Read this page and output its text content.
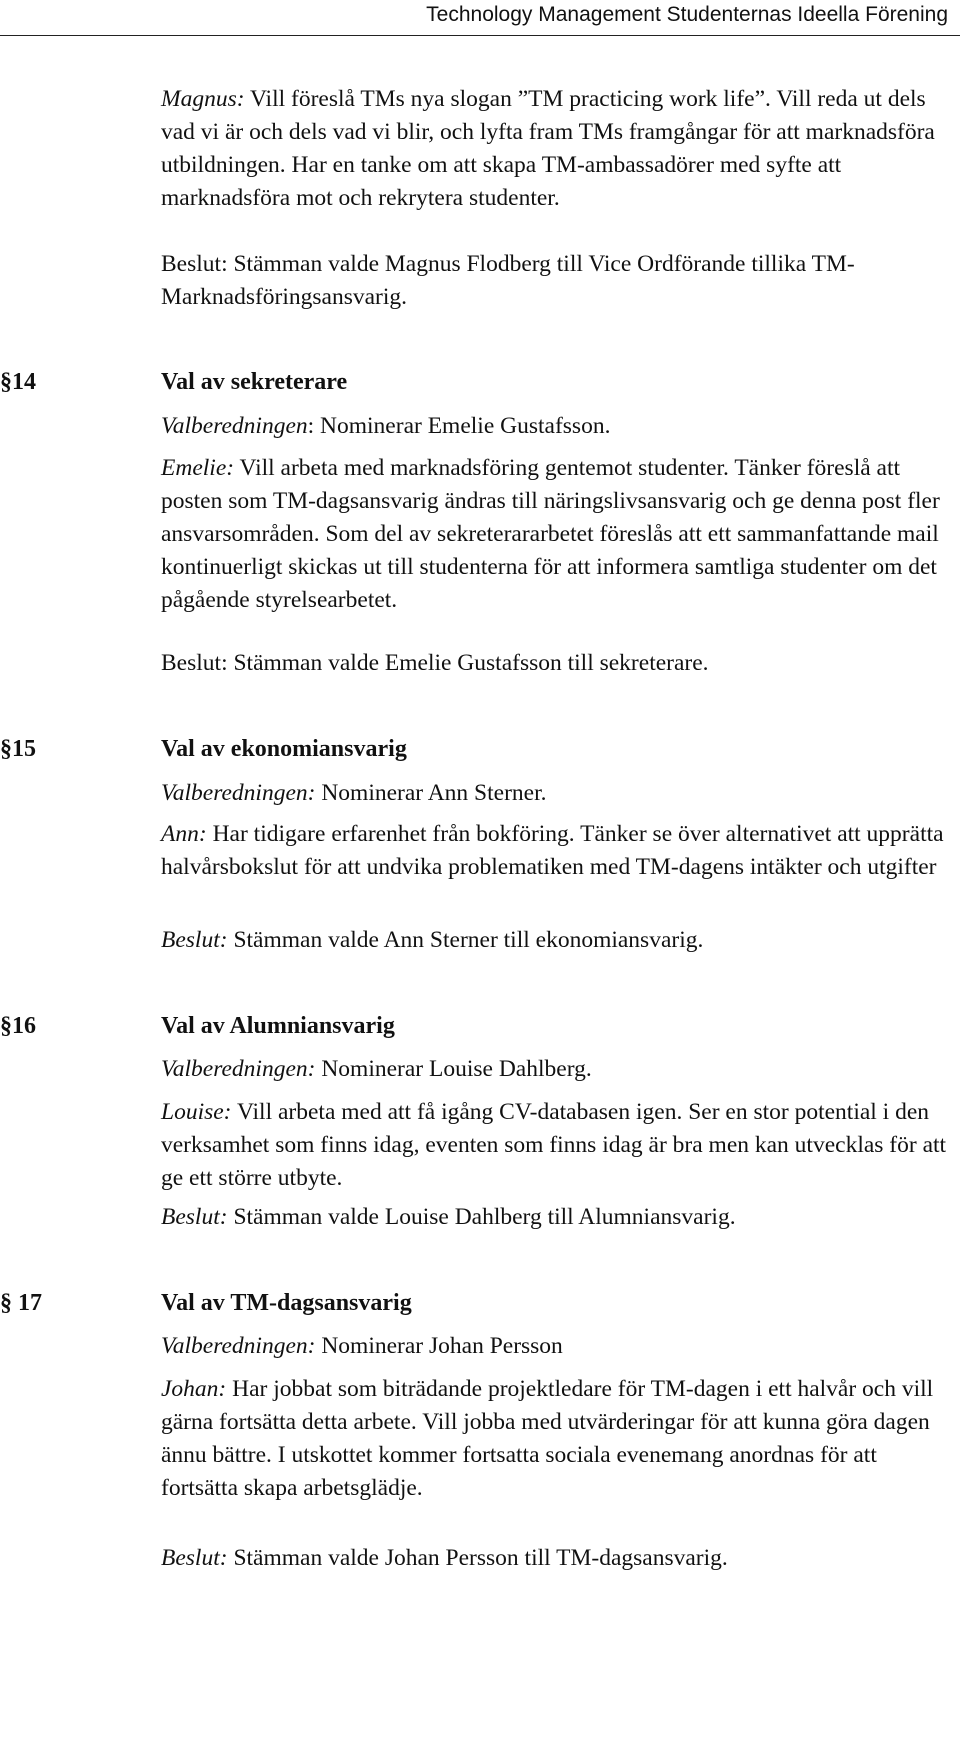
Technology Management Studenternas Ideella Förening

Magnus: Vill föreslå TMs nya slogan ”TM practicing work life”. Vill reda ut dels vad vi är och dels vad vi blir, och lyfta fram TMs framgångar för att marknadsföra utbildningen. Har en tanke om att skapa TM-ambassadörer med syfte att marknadsföra mot och rekrytera studenter.

Beslut: Stämman valde Magnus Flodberg till Vice Ordförande tillika TM-Marknadsföringsansvarig.

§14	Val av sekreterare

Valberedningen: Nominerar Emelie Gustafsson.

Emelie: Vill arbeta med marknadsföring gentemot studenter. Tänker föreslå att posten som TM-dagsansvarig ändras till näringslivsansvarig och ge denna post fler ansvarsområden. Som del av sekreterararbetet föreslås att ett sammanfattande mail kontinuerligt skickas ut till studenterna för att informera samtliga studenter om det pågående styrelsearbetet.

Beslut: Stämman valde Emelie Gustafsson till sekreterare.

§15	Val av ekonomiansvarig

Valberedningen: Nominerar Ann Sterner.

Ann: Har tidigare erfarenhet från bokföring. Tänker se över alternativet att upprätta halvårsbokslut för att undvika problematiken med TM-dagens intäkter och utgifter

Beslut: Stämman valde Ann Sterner till ekonomiansvarig.

§16	Val av Alumniansvarig

Valberedningen: Nominerar Louise Dahlberg.

Louise: Vill arbeta med att få igång CV-databasen igen. Ser en stor potential i den verksamhet som finns idag, eventen som finns idag är bra men kan utvecklas för att ge ett större utbyte.

Beslut: Stämman valde Louise Dahlberg till Alumniansvarig.

§ 17	Val av TM-dagsansvarig

Valberedningen: Nominerar Johan Persson

Johan: Har jobbat som biträdande projektledare för TM-dagen i ett halvår och vill gärna fortsätta detta arbete. Vill jobba med utvärderingar för att kunna göra dagen ännu bättre. I utskottet kommer fortsatta sociala evenemang anordnas för att fortsätta skapa arbetsglädje.

Beslut: Stämman valde Johan Persson till TM-dagsansvarig.
